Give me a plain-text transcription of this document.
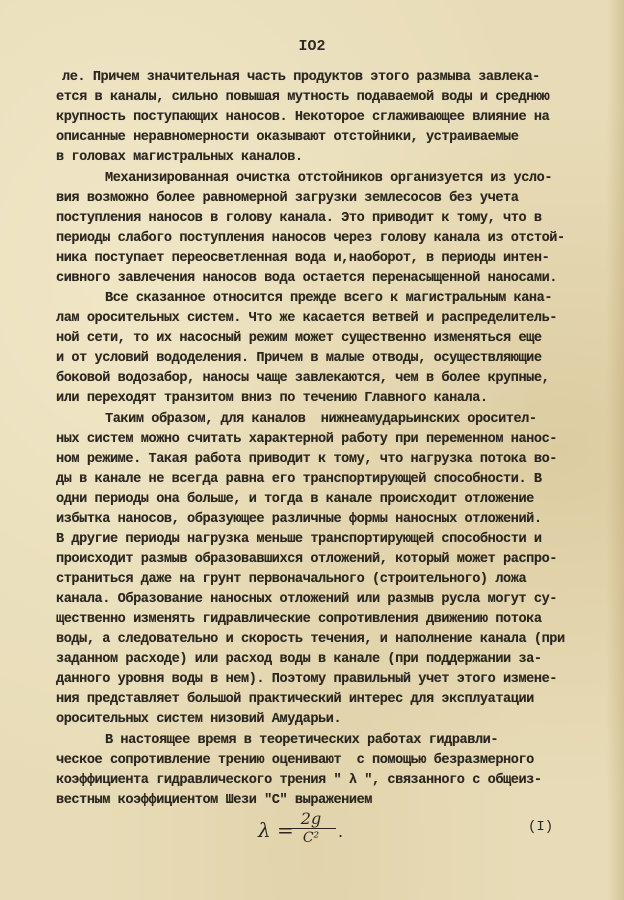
IO2
ле. Причем значительная часть продуктов этого размыва завлека-
ется в каналы, сильно повышая мутность подаваемой воды и среднюю
крупность поступающих наносов. Некоторое сглаживающее влияние на
описанные неравномерности оказывают отстойники, устраиваемые
в головах магистральных каналов.
Механизированная очистка отстойников организуется из усло-
вия возможно более равномерной загрузки землесосов без учета
поступления наносов в голову канала. Это приводит к тому, что в
периоды слабого поступления наносов через голову канала из отстой-
ника поступает переосветленная вода и,наоборот, в периоды интен-
сивного завлечения наносов вода остается перенасыщенной наносами.
Все сказанное относится прежде всего к магистральным кана-
лам оросительных систем. Что же касается ветвей и распределитель-
ной сети, то их насосный режим может существенно изменяться еще
и от условий вододеления. Причем в малые отводы, осуществляющие
боковой водозабор, наносы чаще завлекаются, чем в более крупные,
или переходят транзитом вниз по течению Главного канала.
Таким образом, для каналов  нижнеамударьинских оросител-
ных систем можно считать характерной работу при переменном нанос-
ном режиме. Такая работа приводит к тому, что нагрузка потока во-
ды в канале не всегда равна его транспортирующей способности. В
одни периоды она больше, и тогда в канале происходит отложение
избытка наносов, образующее различные формы наносных отложений.
В другие периоды нагрузка меньше транспортирующей способности и
происходит размыв образовавшихся отложений, который может распро-
страниться даже на грунт первоначального (строительного) ложа
канала. Образование наносных отложений или размыв русла могут су-
щественно изменять гидравлические сопротивления движению потока
воды, а следовательно и скорость течения, и наполнение канала (при
заданном расходе) или расход воды в канале (при поддержании за-
данного уровня воды в нем). Поэтому правильный учет этого измене-
ния представляет большой практический интерес для эксплуатации
оросительных систем низовий Амударьи.
В настоящее время в теоретических работах гидравли-
ческое сопротивление трению оценивают  с помощью безразмерного
коэффициента гидравлического трения " λ ", связанного с общеиз-
вестным коэффициентом Шези "С" выражением
λ =
$\frac{2g}{\text{C²}}$ .	(I)
